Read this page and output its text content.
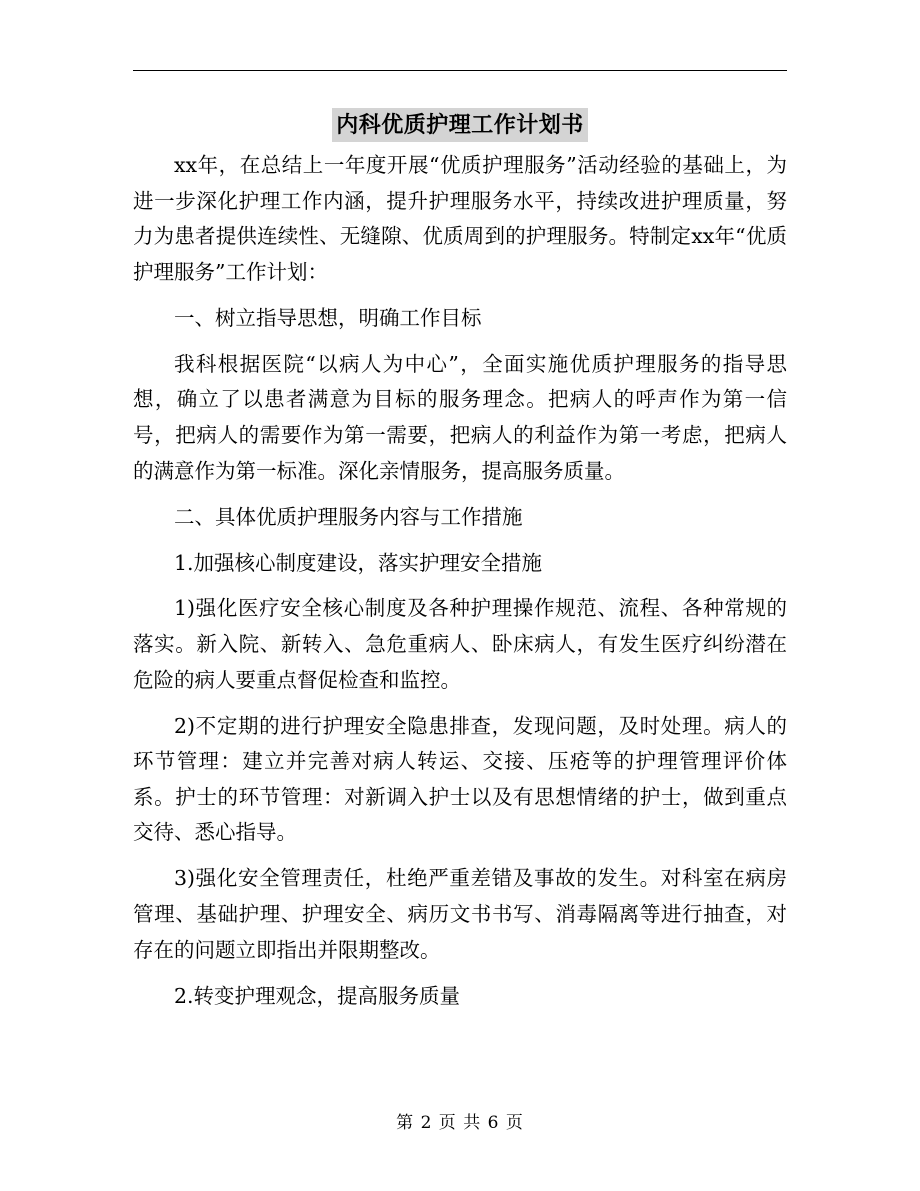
内科优质护理工作计划书

xx年，在总结上一年度开展“优质护理服务”活动经验的基础上，为进一步深化护理工作内涵，提升护理服务水平，持续改进护理质量，努力为患者提供连续性、无缝隙、优质周到的护理服务。特制定xx年“优质护理服务”工作计划：

一、树立指导思想，明确工作目标

我科根据医院“以病人为中心”，全面实施优质护理服务的指导思想，确立了以患者满意为目标的服务理念。把病人的呼声作为第一信号，把病人的需要作为第一需要，把病人的利益作为第一考虑，把病人的满意作为第一标准。深化亲情服务，提高服务质量。

二、具体优质护理服务内容与工作措施

1.加强核心制度建设，落实护理安全措施

1)强化医疗安全核心制度及各种护理操作规范、流程、各种常规的落实。新入院、新转入、急危重病人、卧床病人，有发生医疗纠纷潜在危险的病人要重点督促检查和监控。

2)不定期的进行护理安全隐患排查，发现问题，及时处理。病人的环节管理：建立并完善对病人转运、交接、压疮等的护理管理评价体系。护士的环节管理：对新调入护士以及有思想情绪的护士，做到重点交待、悉心指导。

3)强化安全管理责任，杜绝严重差错及事故的发生。对科室在病房管理、基础护理、护理安全、病历文书书写、消毒隔离等进行抽查，对存在的问题立即指出并限期整改。

2.转变护理观念，提高服务质量

第 2 页 共 6 页
